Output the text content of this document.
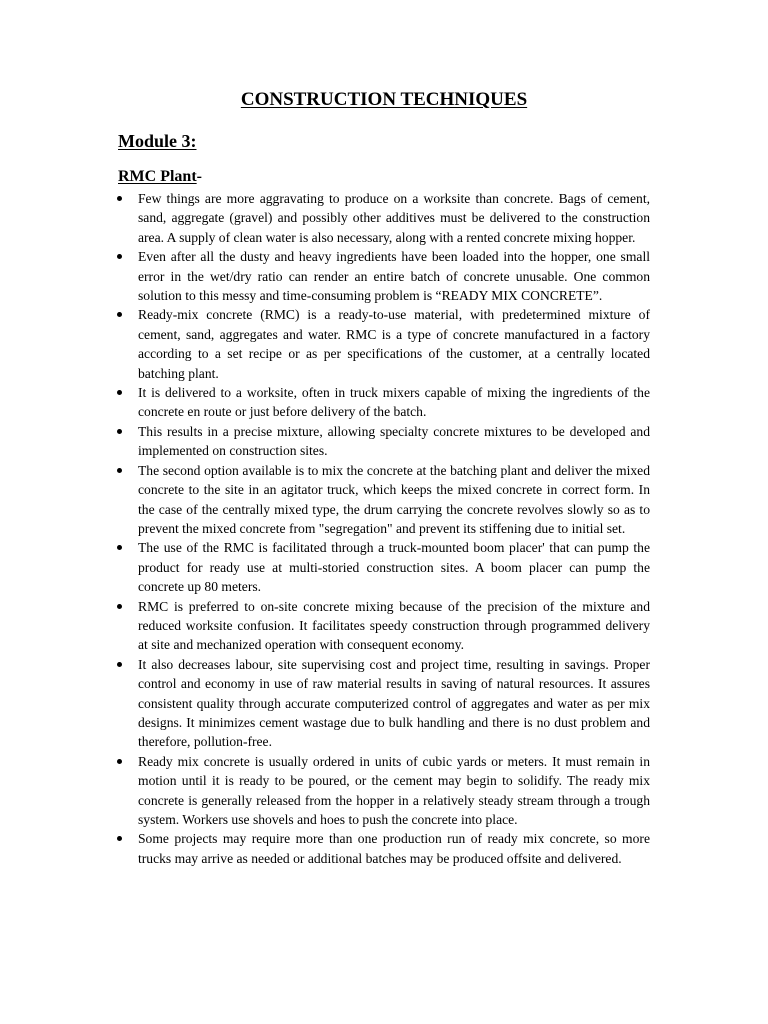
CONSTRUCTION TECHNIQUES
Module 3:
RMC Plant-
Few things are more aggravating to produce on a worksite than concrete. Bags of cement, sand, aggregate (gravel) and possibly other additives must be delivered to the construction area. A supply of clean water is also necessary, along with a rented concrete mixing hopper.
Even after all the dusty and heavy ingredients have been loaded into the hopper, one small error in the wet/dry ratio can render an entire batch of concrete unusable. One common solution to this messy and time-consuming problem is “READY MIX CONCRETE”.
Ready-mix concrete (RMC) is a ready-to-use material, with predetermined mixture of cement, sand, aggregates and water. RMC is a type of concrete manufactured in a factory according to a set recipe or as per specifications of the customer, at a centrally located batching plant.
It is delivered to a worksite, often in truck mixers capable of mixing the ingredients of the concrete en route or just before delivery of the batch.
This results in a precise mixture, allowing specialty concrete mixtures to be developed and implemented on construction sites.
The second option available is to mix the concrete at the batching plant and deliver the mixed concrete to the site in an agitator truck, which keeps the mixed concrete in correct form. In the case of the centrally mixed type, the drum carrying the concrete revolves slowly so as to prevent the mixed concrete from "segregation" and prevent its stiffening due to initial set.
The use of the RMC is facilitated through a truck-mounted boom placer' that can pump the product for ready use at multi-storied construction sites. A boom placer can pump the concrete up 80 meters.
RMC is preferred to on-site concrete mixing because of the precision of the mixture and reduced worksite confusion. It facilitates speedy construction through programmed delivery at site and mechanized operation with consequent economy.
It also decreases labour, site supervising cost and project time, resulting in savings. Proper control and economy in use of raw material results in saving of natural resources. It assures consistent quality through accurate computerized control of aggregates and water as per mix designs. It minimizes cement wastage due to bulk handling and there is no dust problem and therefore, pollution-free.
Ready mix concrete is usually ordered in units of cubic yards or meters. It must remain in motion until it is ready to be poured, or the cement may begin to solidify. The ready mix concrete is generally released from the hopper in a relatively steady stream through a trough system. Workers use shovels and hoes to push the concrete into place.
Some projects may require more than one production run of ready mix concrete, so more trucks may arrive as needed or additional batches may be produced offsite and delivered.
